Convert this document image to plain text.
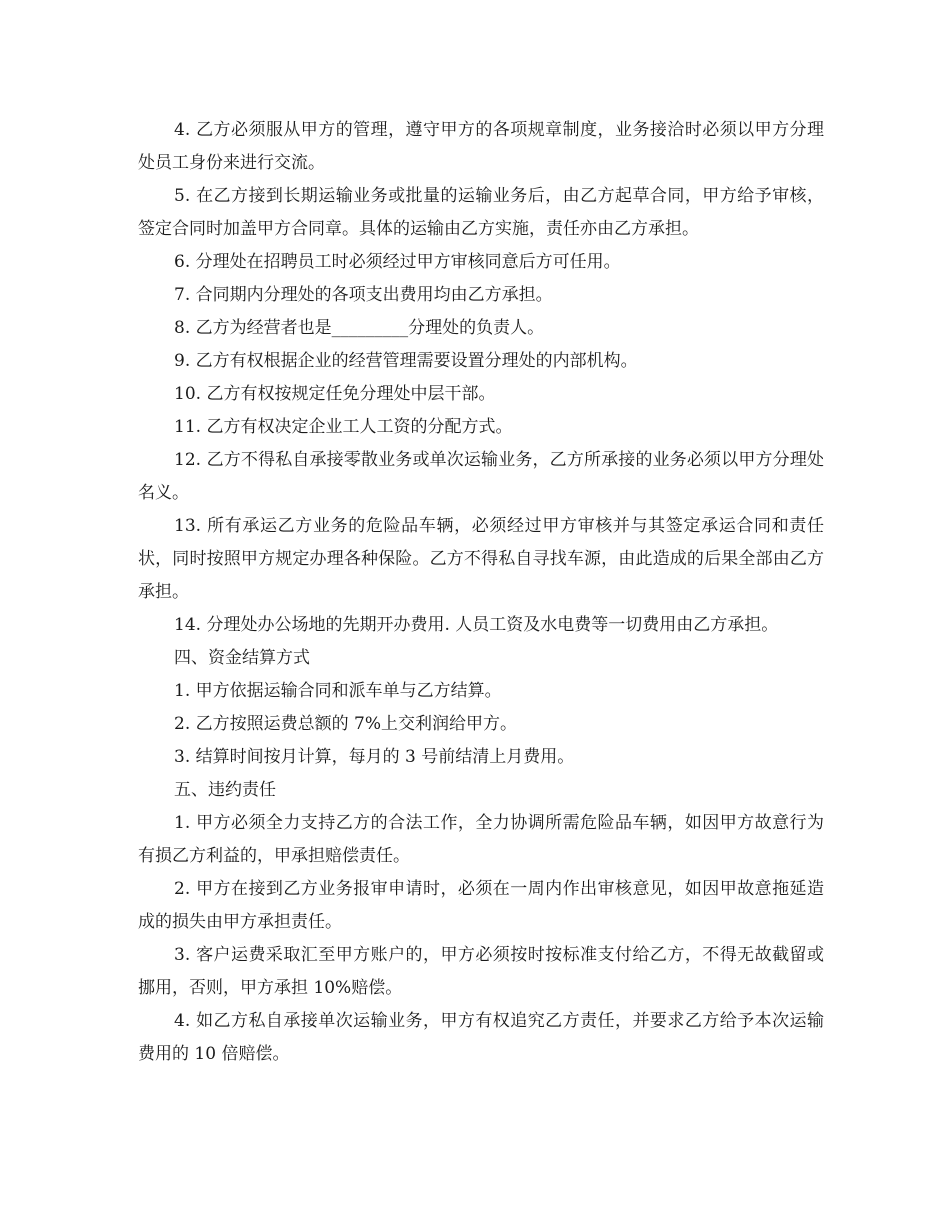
4. 乙方必须服从甲方的管理，遵守甲方的各项规章制度，业务接洽时必须以甲方分理处员工身份来进行交流。

5. 在乙方接到长期运输业务或批量的运输业务后，由乙方起草合同，甲方给予审核，签定合同时加盖甲方合同章。具体的运输由乙方实施，责任亦由乙方承担。

6. 分理处在招聘员工时必须经过甲方审核同意后方可任用。

7. 合同期内分理处的各项支出费用均由乙方承担。

8. 乙方为经营者也是_________分理处的负责人。

9. 乙方有权根据企业的经营管理需要设置分理处的内部机构。

10. 乙方有权按规定任免分理处中层干部。

11. 乙方有权决定企业工人工资的分配方式。

12. 乙方不得私自承接零散业务或单次运输业务，乙方所承接的业务必须以甲方分理处名义。

13. 所有承运乙方业务的危险品车辆，必须经过甲方审核并与其签定承运合同和责任状，同时按照甲方规定办理各种保险。乙方不得私自寻找车源，由此造成的后果全部由乙方承担。

14. 分理处办公场地的先期开办费用. 人员工资及水电费等一切费用由乙方承担。

四、资金结算方式

1. 甲方依据运输合同和派车单与乙方结算。

2. 乙方按照运费总额的 7%上交利润给甲方。

3. 结算时间按月计算，每月的 3 号前结清上月费用。

五、违约责任

1. 甲方必须全力支持乙方的合法工作，全力协调所需危险品车辆，如因甲方故意行为有损乙方利益的，甲承担赔偿责任。

2. 甲方在接到乙方业务报审申请时，必须在一周内作出审核意见，如因甲故意拖延造成的损失由甲方承担责任。

3. 客户运费采取汇至甲方账户的，甲方必须按时按标准支付给乙方，不得无故截留或挪用，否则，甲方承担 10%赔偿。

4. 如乙方私自承接单次运输业务，甲方有权追究乙方责任，并要求乙方给予本次运输费用的 10 倍赔偿。
